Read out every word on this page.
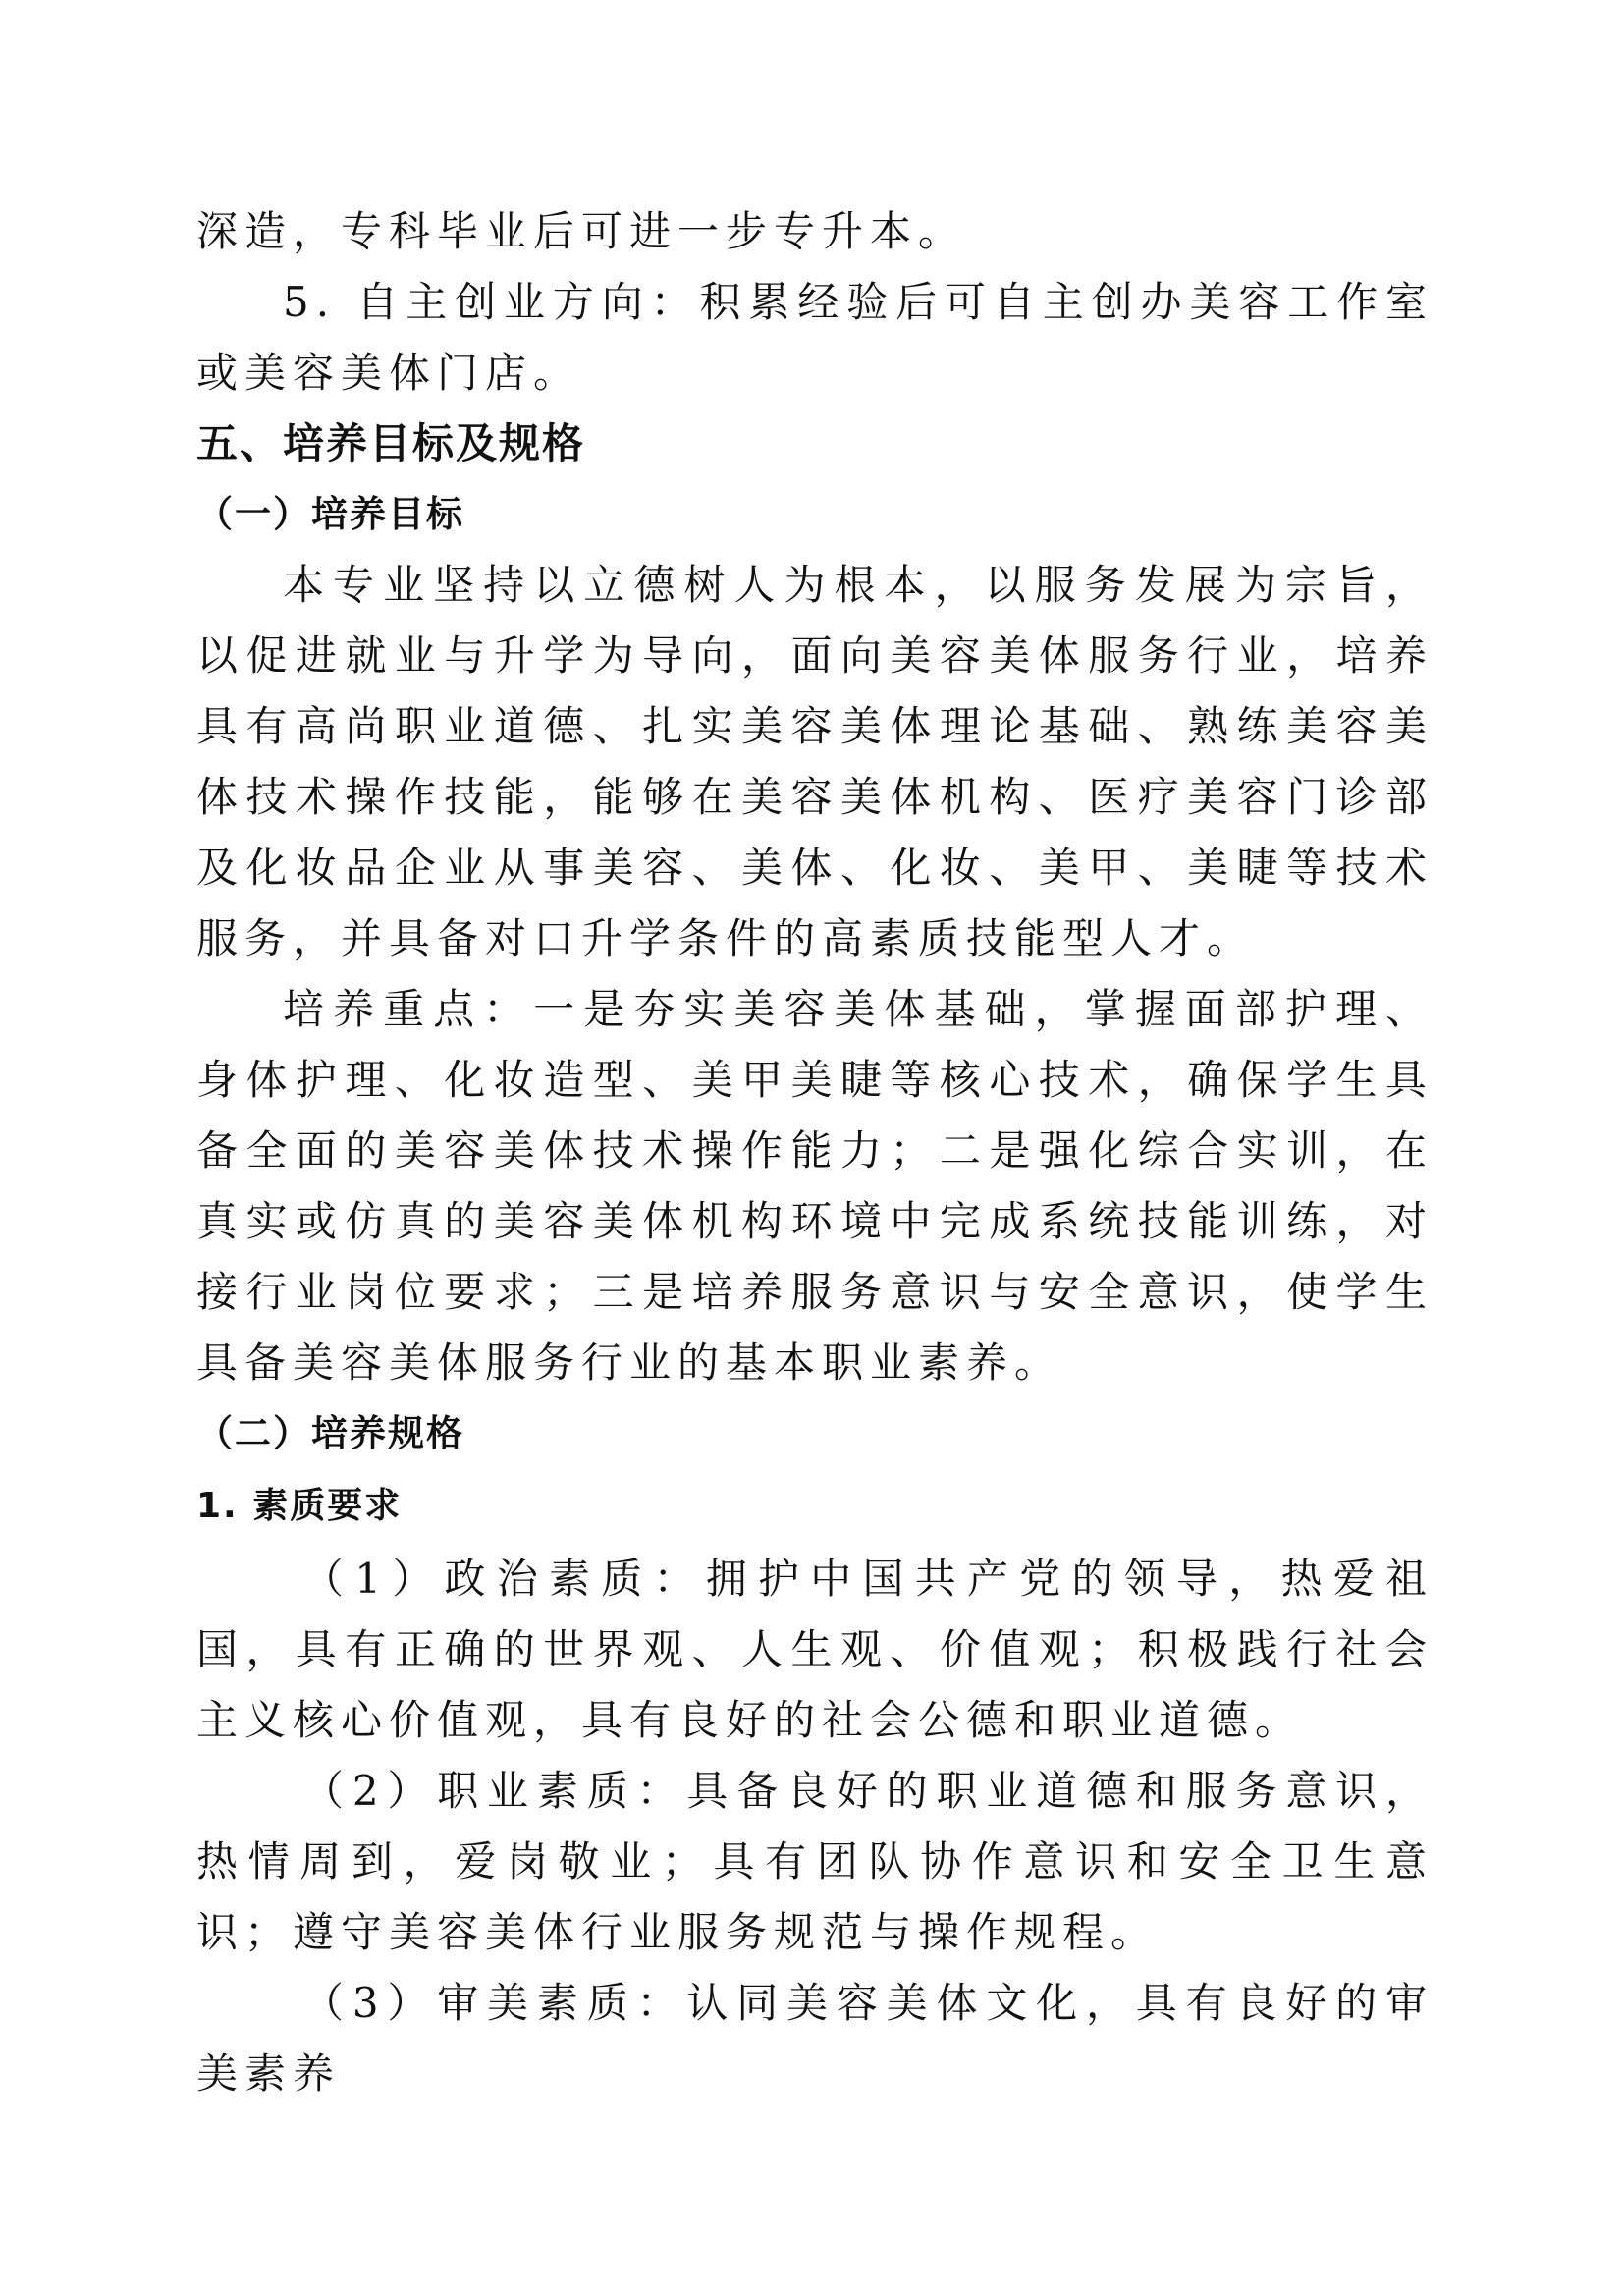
深造，专科毕业后可进一步专升本。

5. 自主创业方向：积累经验后可自主创办美容工作室或美容美体门店。

五、培养目标及规格
（一）培养目标

本专业坚持以立德树人为根本，以服务发展为宗旨，以促进就业与升学为导向，面向美容美体服务行业，培养具有高尚职业道德、扎实美容美体理论基础、熟练美容美体技术操作技能，能够在美容美体机构、医疗美容门诊部及化妆品企业从事美容、美体、化妆、美甲、美睫等技术服务，并具备对口升学条件的高素质技能型人才。

培养重点：一是夯实美容美体基础，掌握面部护理、身体护理、化妆造型、美甲美睫等核心技术，确保学生具备全面的美容美体技术操作能力；二是强化综合实训，在真实或仿真的美容美体机构环境中完成系统技能训练，对接行业岗位要求；三是培养服务意识与安全意识，使学生具备美容美体服务行业的基本职业素养。

（二）培养规格
1. 素质要求

（1）政治素质：拥护中国共产党的领导，热爱祖国，具有正确的世界观、人生观、价值观；积极践行社会主义核心价值观，具有良好的社会公德和职业道德。

（2）职业素质：具备良好的职业道德和服务意识，热情周到，爱岗敬业；具有团队协作意识和安全卫生意识；遵守美容美体行业服务规范与操作规程。

（3）审美素质：认同美容美体文化，具有良好的审美素养
